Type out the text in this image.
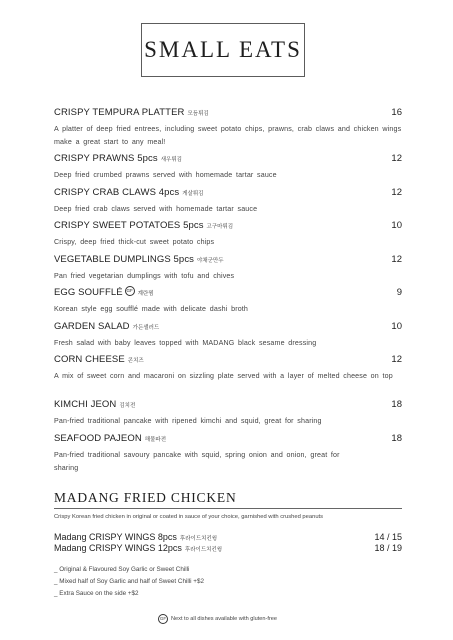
SMALL EATS
CRISPY TEMPURA PLATTER 모듬튀김	16
A platter of deep fried entrees, including sweet potato chips, prawns, crab claws and chicken wings make a great start to any meal!
CRISPY PRAWNS 5pcs 새우튀김	12
Deep fried crumbed prawns served with homemade tartar sauce
CRISPY CRAB CLAWS 4pcs 게살튀김	12
Deep fried crab claws served with homemade tartar sauce
CRISPY SWEET POTATOES 5pcs 고구마튀김	10
Crispy, deep fried thick-cut sweet potato chips
VEGETABLE DUMPLINGS 5pcs 야채군만두	12
Pan fried vegetarian dumplings with tofu and chives
EGG SOUFFLÉ GF계란찜	9
Korean style egg soufflé made with delicate dashi broth
GARDEN SALAD 가든샐러드	10
Fresh salad with baby leaves topped with MADANG black sesame dressing
CORN CHEESE 콘치즈	12
A mix of sweet corn and macaroni on sizzling plate served with a layer of melted cheese on top
KIMCHI JEON 김치전	18
Pan-fried traditional pancake with ripened kimchi and squid, great for sharing
SEAFOOD PAJEON 해물파전	18
Pan-fried traditional savoury pancake with squid, spring onion and onion, great for sharing
MADANG FRIED CHICKEN
Crispy Korean fried chicken in original or coated in sauce of your choice, garnished with crushed peanuts
Madang CRISPY WINGS 8pcs 후라이드치킨윙	14 / 15
Madang CRISPY WINGS 12pcs 후라이드치킨윙	18 / 19
_ Original & Flavoured Soy Garlic or Sweet Chilli
_ Mixed half of Soy Garlic and half of Sweet Chilli +$2
_ Extra Sauce on the side +$2
GF Next to all dishes available with gluten-free
